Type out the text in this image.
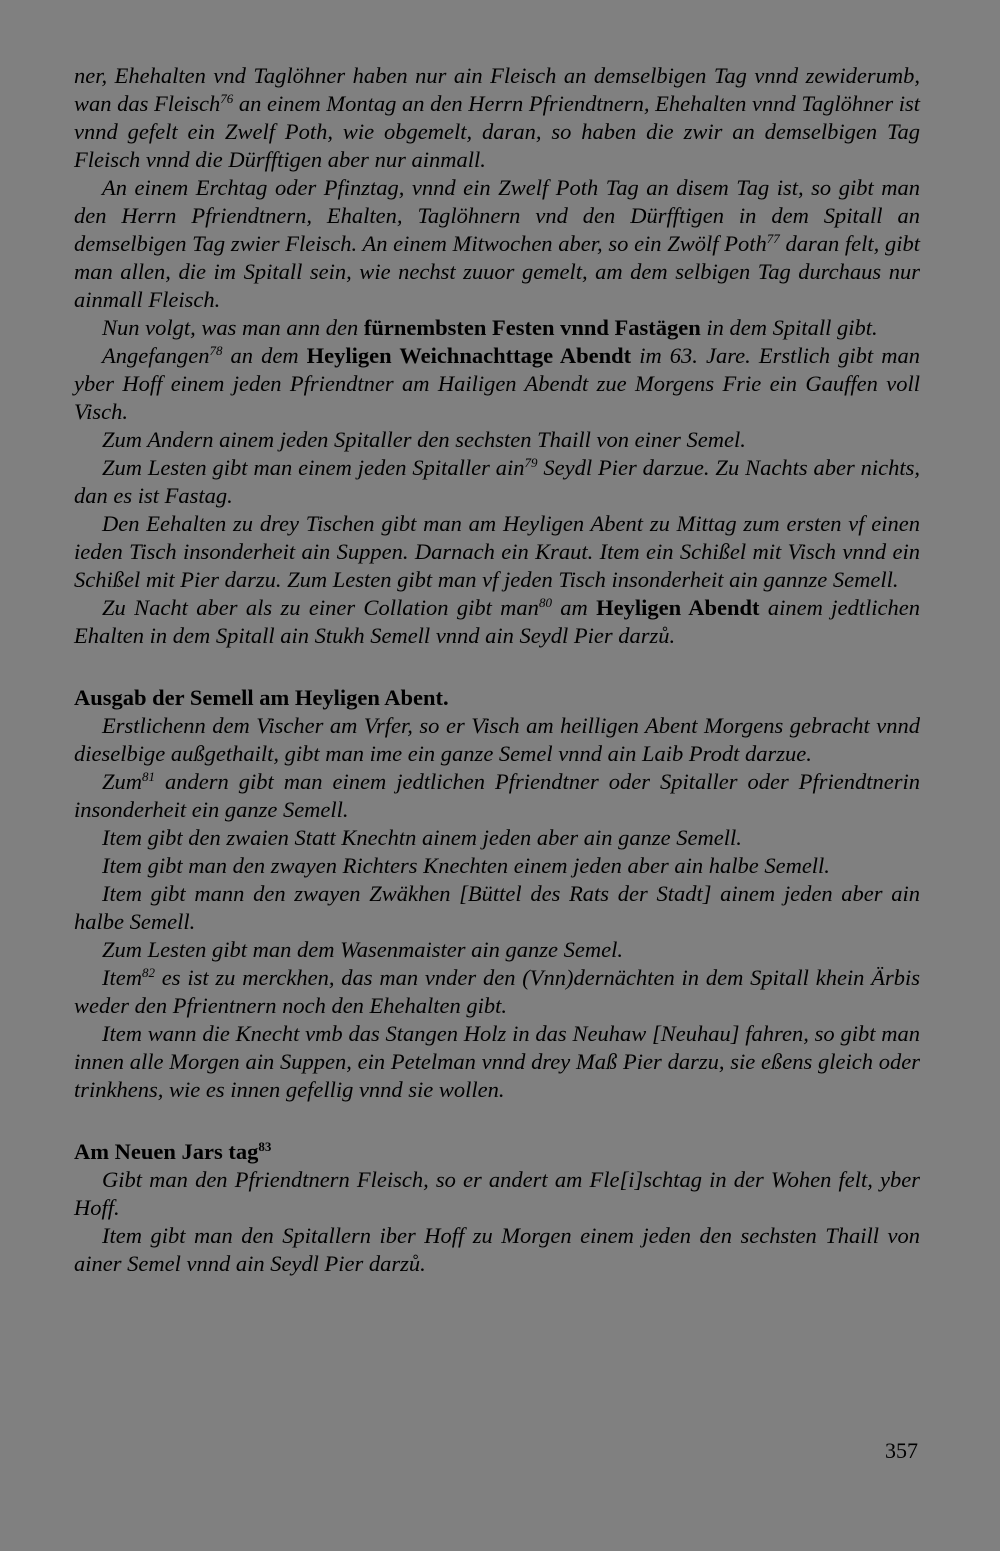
ner, Ehehalten vnd Taglöhner haben nur ain Fleisch an demselbigen Tag vnnd zewiderumb, wan das Fleisch$^{76}$ an einem Montag an den Herrn Pfriendtnern, Ehehalten vnnd Taglöhner ist vnnd gefelt ein Zwelf Poth, wie obgemelt, daran, so haben die zwir an demselbigen Tag Fleisch vnnd die Dürfftigen aber nur ainmall.

An einem Erchtag oder Pfinztag, vnnd ein Zwelf Poth Tag an disem Tag ist, so gibt man den Herrn Pfriendtnern, Ehalten, Taglöhnern vnd den Dürfftigen in dem Spitall an demselbigen Tag zwier Fleisch. An einem Mitwochen aber, so ein Zwölf Poth$^{77}$ daran felt, gibt man allen, die im Spitall sein, wie nechst zuuor gemelt, am dem selbigen Tag durchaus nur ainmall Fleisch.

Nun volgt, was man ann den fürnembsten Festen vnnd Fastägen in dem Spitall gibt.

Angefangen$^{78}$ an dem Heyligen Weichnachttage Abendt im 63. Jare. Erstlich gibt man yber Hoff einem jeden Pfriendtner am Hailigen Abendt zue Morgens Frie ein Gauffen voll Visch.

Zum Andern ainem jeden Spitaller den sechsten Thaill von einer Semel.

Zum Lesten gibt man einem jeden Spitaller ain$^{79}$ Seydl Pier darzue. Zu Nachts aber nichts, dan es ist Fastag.

Den Eehalten zu drey Tischen gibt man am Heyligen Abent zu Mittag zum ersten vf einen ieden Tisch insonderheit ain Suppen. Darnach ein Kraut. Item ein Schißel mit Visch vnnd ein Schißel mit Pier darzu. Zum Lesten gibt man vf jeden Tisch insonderheit ain gannze Semell.

Zu Nacht aber als zu einer Collation gibt man$^{80}$ am Heyligen Abendt ainem jedtlichen Ehalten in dem Spitall ain Stukh Semell vnnd ain Seydl Pier darzů.

Ausgab der Semell am Heyligen Abent.

Erstlichenn dem Vischer am Vrfer, so er Visch am heilligen Abent Morgens gebracht vnnd dieselbige außgethailt, gibt man ime ein ganze Semel vnnd ain Laib Prodt darzue.

Zum$^{81}$ andern gibt man einem jedtlichen Pfriendtner oder Spitaller oder Pfriendtnerin insonderheit ein ganze Semell.

Item gibt den zwaien Statt Knechtn ainem jeden aber ain ganze Semell.

Item gibt man den zwayen Richters Knechten einem jeden aber ain halbe Semell.

Item gibt mann den zwayen Zwäkhen [Büttel des Rats der Stadt] ainem jeden aber ain halbe Semell.

Zum Lesten gibt man dem Wasenmaister ain ganze Semel.

Item$^{82}$ es ist zu merckhen, das man vnder den (Vnn)dernächten in dem Spitall khein Ärbis weder den Pfrientnern noch den Ehehalten gibt.

Item wann die Knecht vmb das Stangen Holz in das Neuhaw [Neuhau] fahren, so gibt man innen alle Morgen ain Suppen, ein Petelman vnnd drey Maß Pier darzu, sie eßens gleich oder trinkhens, wie es innen gefellig vnnd sie wollen.

Am Neuen Jars tag$^{83}$

Gibt man den Pfriendtnern Fleisch, so er andert am Fle[i]schtag in der Wohen felt, yber Hoff.

Item gibt man den Spitallern iber Hoff zu Morgen einem jeden den sechsten Thaill von ainer Semel vnnd ain Seydl Pier darzů.

357
